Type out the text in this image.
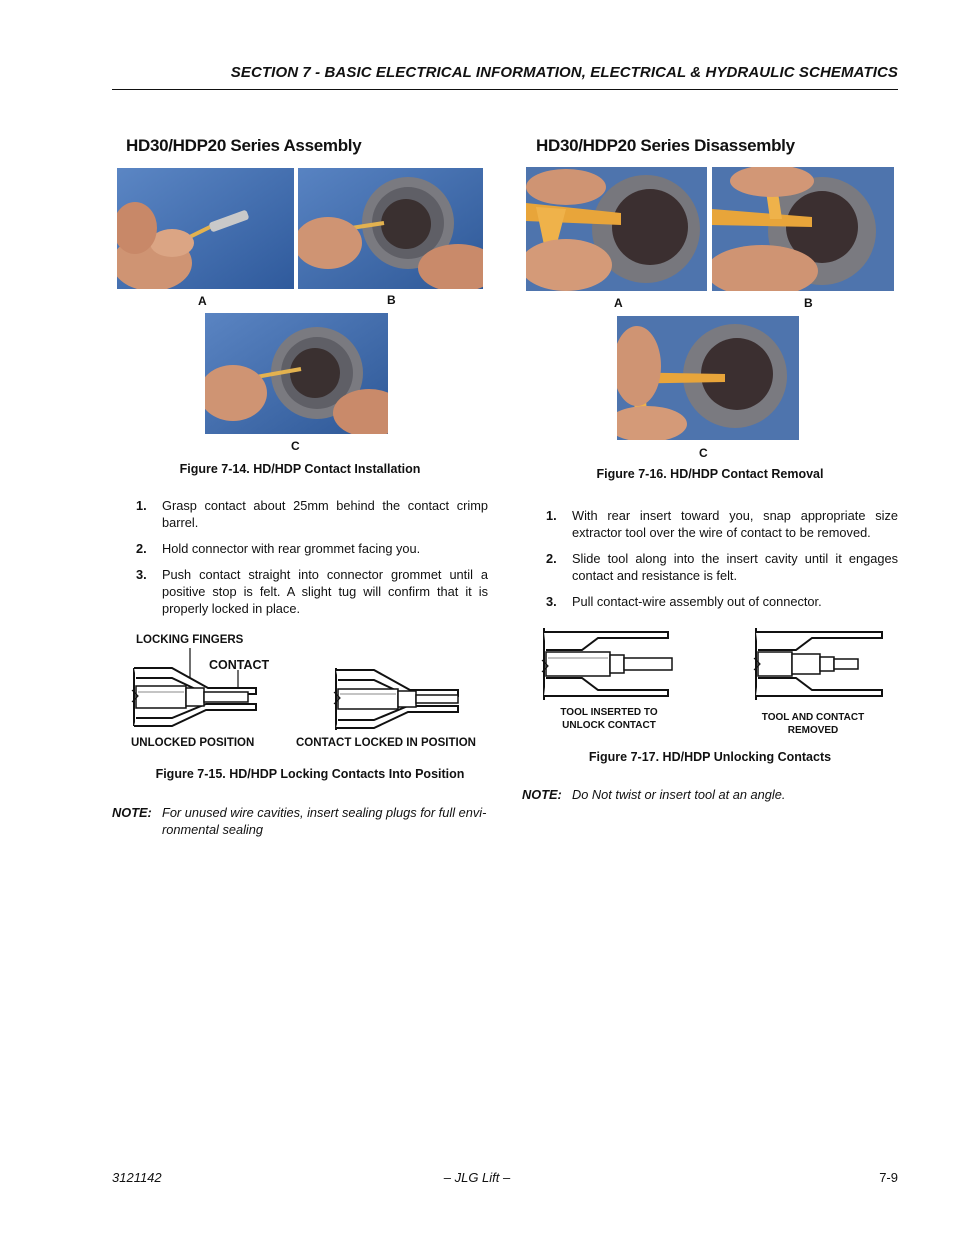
SECTION 7 - BASIC ELECTRICAL INFORMATION, ELECTRICAL & HYDRAULIC SCHEMATICS
HD30/HDP20 Series Assembly
A	B
C
Figure 7-14. HD/HDP Contact Installation
1. Grasp contact about 25mm behind the contact crimp barrel.
2. Hold connector with rear grommet facing you.
3. Push contact straight into connector grommet until a positive stop is felt. A slight tug will confirm that it is properly locked in place.
LOCKING FINGERS
CONTACT
UNLOCKED POSITION	CONTACT LOCKED IN POSITION
Figure 7-15. HD/HDP Locking Contacts Into Position
NOTE: For unused wire cavities, insert sealing plugs for full envi-ronmental sealing
HD30/HDP20 Series Disassembly
A	B
C
Figure 7-16. HD/HDP Contact Removal
1. With rear insert toward you, snap appropriate size extractor tool over the wire of contact to be removed.
2. Slide tool along into the insert cavity until it engages contact and resistance is felt.
3. Pull contact-wire assembly out of connector.
TOOL INSERTED TO
UNLOCK CONTACT
TOOL AND CONTACT
REMOVED
Figure 7-17. HD/HDP Unlocking Contacts
NOTE: Do Not twist or insert tool at an angle.
3121142	– JLG Lift –	7-9
